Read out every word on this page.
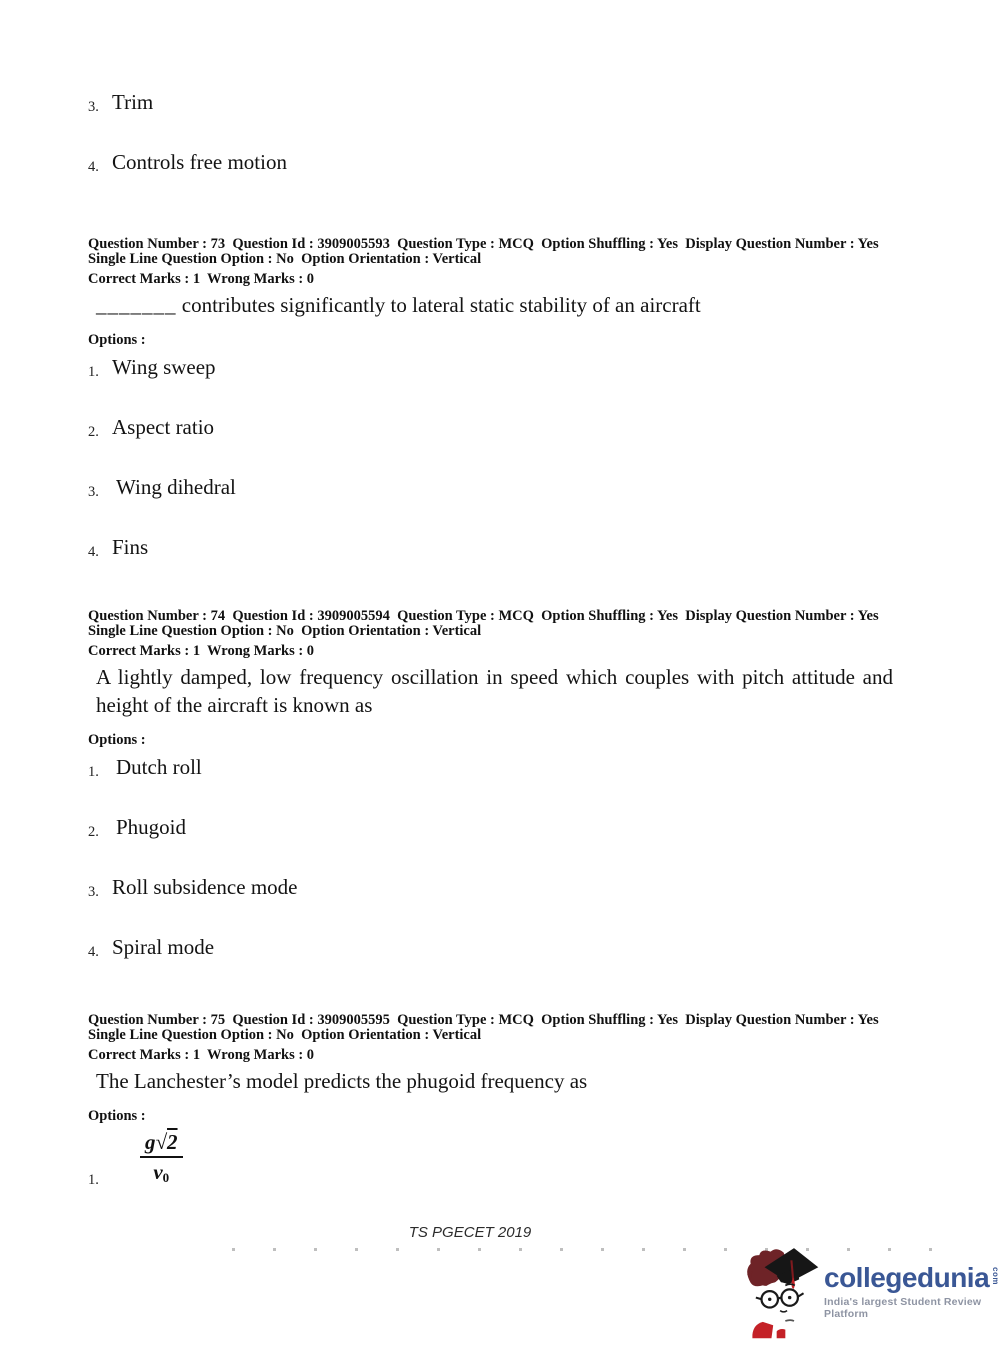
3. Trim
4. Controls free motion
Question Number : 73  Question Id : 3909005593  Question Type : MCQ  Option Shuffling : Yes  Display Question Number : Yes
Single Line Question Option : No  Option Orientation : Vertical
Correct Marks : 1  Wrong Marks : 0
_______ contributes significantly to lateral static stability of an aircraft
Options :
1. Wing sweep
2. Aspect ratio
3. Wing dihedral
4. Fins
Question Number : 74  Question Id : 3909005594  Question Type : MCQ  Option Shuffling : Yes  Display Question Number : Yes
Single Line Question Option : No  Option Orientation : Vertical
Correct Marks : 1  Wrong Marks : 0
A lightly damped, low frequency oscillation in speed which couples with pitch attitude and height of the aircraft is known as
Options :
1. Dutch roll
2. Phugoid
3. Roll subsidence mode
4. Spiral mode
Question Number : 75  Question Id : 3909005595  Question Type : MCQ  Option Shuffling : Yes  Display Question Number : Yes
Single Line Question Option : No  Option Orientation : Vertical
Correct Marks : 1  Wrong Marks : 0
The Lanchester’s model predicts the phugoid frequency as
Options :
1. $\frac{g√2}{v_0}$
TS PGECET 2019
collegedunia com
India's largest Student Review Platform
